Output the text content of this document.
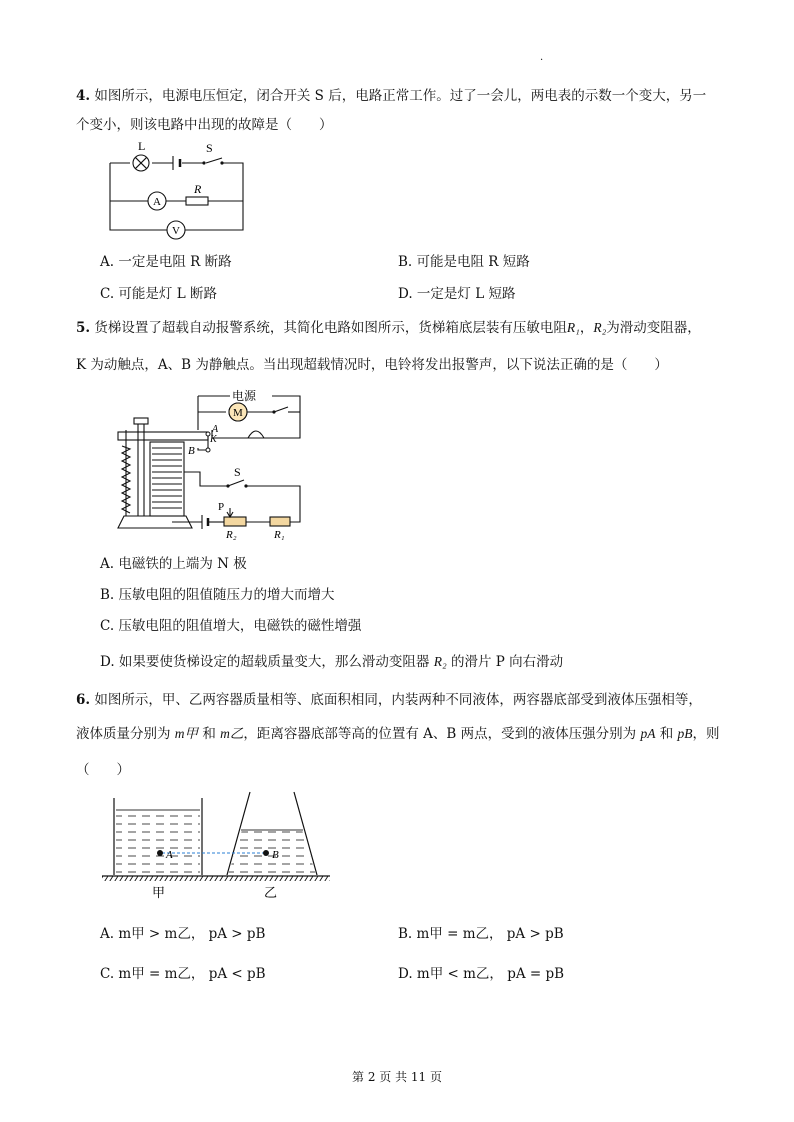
.
4. 如图所示，电源电压恒定，闭合开关 S 后，电路正常工作。过了一会儿，两电表的示数一个变大，另一
个变小，则该电路中出现的故障是（　　）
L	S
A
R
V
A. 一定是电阻 R 断路	B. 可能是电阻 R 短路
C. 可能是灯 L 断路	D. 一定是灯 L 短路
5. 货梯设置了超载自动报警系统，其简化电路如图所示，货梯箱底层装有压敏电阻R₁，R₂为滑动变阻器，
K 为动触点，A、B 为静触点。当出现超载情况时，电铃将发出报警声，以下说法正确的是（　　）
电源
M
A
K
B
S
P
R₂	R₁
A. 电磁铁的上端为 N 极
B. 压敏电阻的阻值随压力的增大而增大
C. 压敏电阻的阻值增大，电磁铁的磁性增强
D. 如果要使货梯设定的超载质量变大，那么滑动变阻器 R₂ 的滑片 P 向右滑动
6. 如图所示，甲、乙两容器质量相等、底面积相同，内装两种不同液体，两容器底部受到液体压强相等，
液体质量分别为 m甲 和 m乙，距离容器底部等高的位置有 A、B 两点，受到的液体压强分别为 pA 和 pB，则
（　　）
A	B
甲	乙
A. m甲 > m乙， pA > pB	B. m甲 = m乙， pA > pB
C. m甲 = m乙， pA < pB	D. m甲 < m乙， pA = pB
第 2 页 共 11 页
